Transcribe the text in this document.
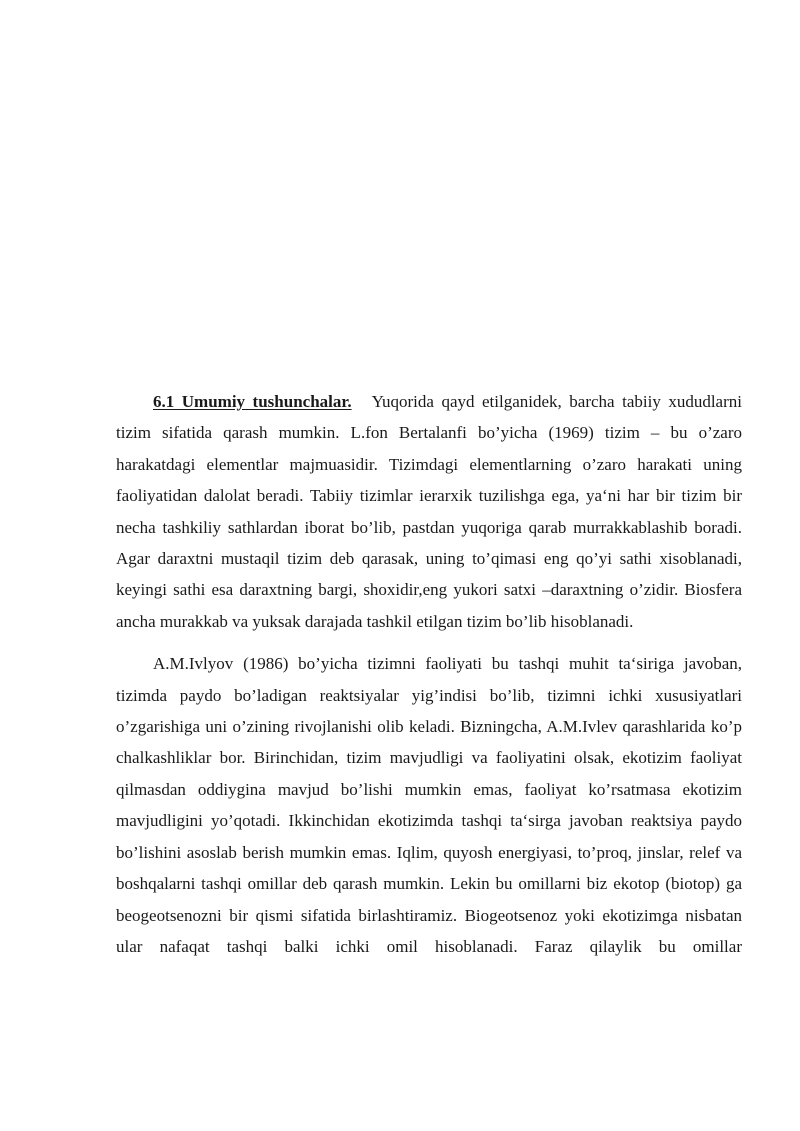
6.1 Umumiy tushunchalar. Yuqorida qayd etilganidek, barcha tabiiy xududlarni tizim sifatida qarash mumkin. L.fon Bertalanfi bo’yicha (1969) tizim – bu o’zaro harakatdagi elementlar majmuasidir. Tizimdagi elementlarning o’zaro harakati uning faoliyatidan dalolat beradi. Tabiiy tizimlar ierarxik tuzilishga ega, ya‘ni har bir tizim bir necha tashkiliy sathlardan iborat bo’lib, pastdan yuqoriga qarab murrakkablashib boradi. Agar daraxtni mustaqil tizim deb qarasak, uning to’qimasi eng qo’yi sathi xisoblanadi, keyingi sathi esa daraxtning bargi, shoxidir,eng yukori satxi –daraxtning o’zidir. Biosfera ancha murakkab va yuksak darajada tashkil etilgan tizim bo’lib hisoblanadi.

A.M.Ivlyov (1986) bo’yicha tizimni faoliyati bu tashqi muhit ta‘siriga javoban, tizimda paydo bo’ladigan reaktsiyalar yig’indisi bo’lib, tizimni ichki xususiyatlari o’zgarishiga uni o’zining rivojlanishi olib keladi. Bizningcha, A.M.Ivlev qarashlarida ko’p chalkashliklar bor. Birinchidan, tizim mavjudligi va faoliyatini olsak, ekotizim faoliyat qilmasdan oddiygina mavjud bo’lishi mumkin emas, faoliyat ko’rsatmasa ekotizim mavjudligini yo’qotadi. Ikkinchidan ekotizimda tashqi ta‘sirga javoban reaktsiya paydo bo’lishini asoslab berish mumkin emas. Iqlim, quyosh energiyasi, to’proq, jinslar, relef va boshqalarni tashqi omillar deb qarash mumkin. Lekin bu omillarni biz ekotop (biotop) ga beogeotsenozni bir qismi sifatida birlashtiramiz. Biogeotsenoz yoki ekotizimga nisbatan ular nafaqat tashqi balki ichki omil hisoblanadi. Faraz qilaylik bu omillar
